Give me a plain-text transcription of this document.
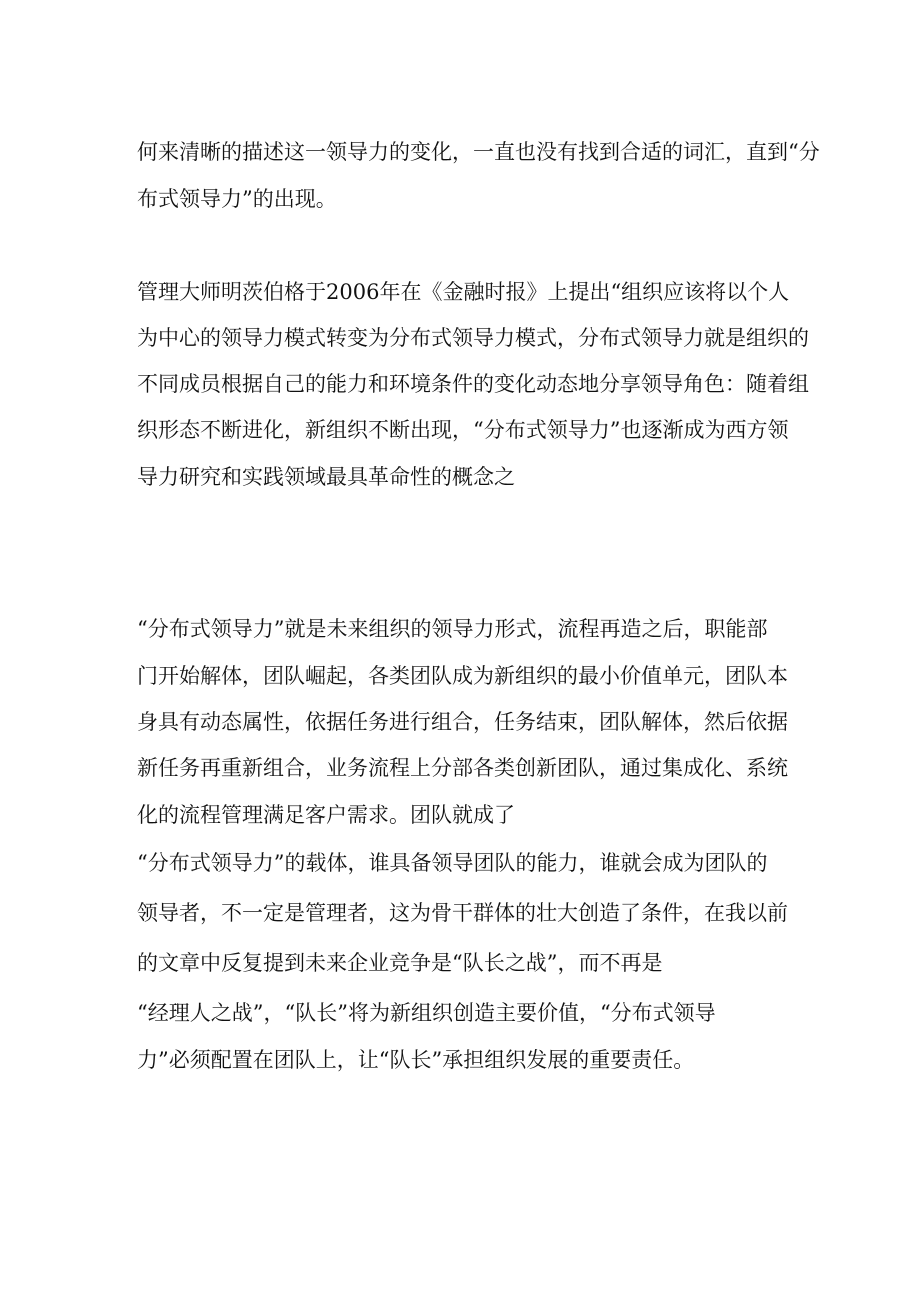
何来清晰的描述这一领导力的变化，一直也没有找到合适的词汇，直到“分

布式领导力”的出现。

管理大师明茨伯格于2006年在《金融时报》上提出“组织应该将以个人

为中心的领导力模式转变为分布式领导力模式，分布式领导力就是组织的

不同成员根据自己的能力和环境条件的变化动态地分享领导角色：随着组

织形态不断进化，新组织不断出现，“分布式领导力”也逐渐成为西方领

导力研究和实践领域最具革命性的概念之

“分布式领导力”就是未来组织的领导力形式，流程再造之后，职能部

门开始解体，团队崛起，各类团队成为新组织的最小价值单元，团队本

身具有动态属性，依据任务进行组合，任务结束，团队解体，然后依据

新任务再重新组合，业务流程上分部各类创新团队，通过集成化、系统

化的流程管理满足客户需求。团队就成了

“分布式领导力”的载体，谁具备领导团队的能力，谁就会成为团队的

领导者，不一定是管理者，这为骨干群体的壮大创造了条件，在我以前

的文章中反复提到未来企业竞争是“队长之战”，而不再是

“经理人之战”，“队长”将为新组织创造主要价值，“分布式领导

力”必须配置在团队上，让“队长”承担组织发展的重要责任。
